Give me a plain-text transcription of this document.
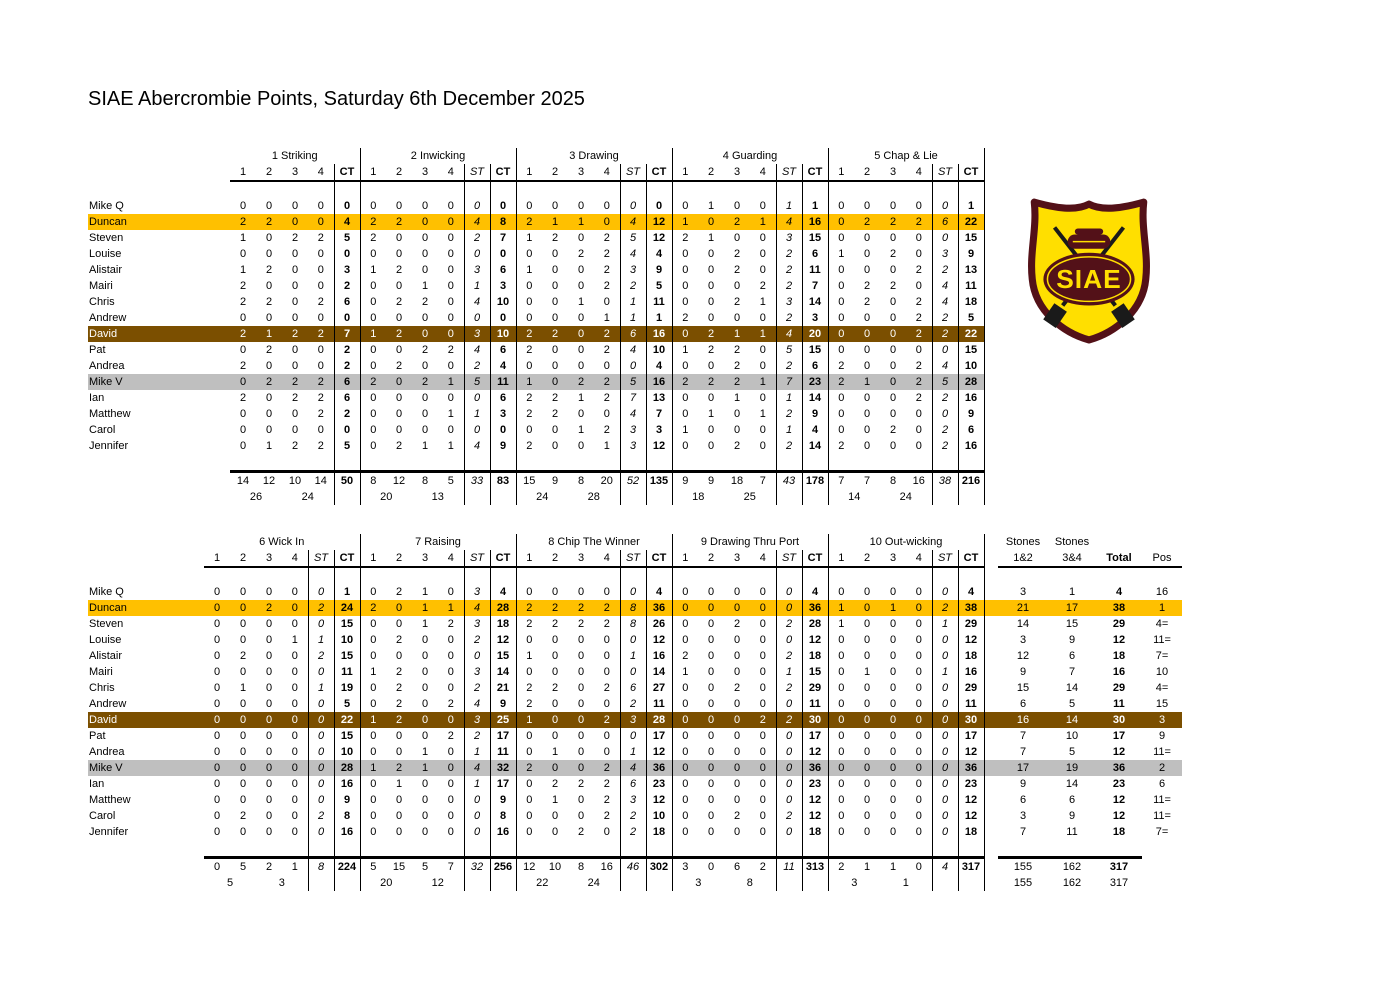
SIAE Abercrombie Points, Saturday 6th December 2025
	1 Striking					2 Inwicking						3 Drawing						4 Guarding						5 Chap & Lie					
	1	2	3	4	CT	1	2	3	4	ST	CT	1	2	3	4	ST	CT	1	2	3	4	ST	CT	1	2	3	4	ST	CT

Mike Q	0	0	0	0	0	0	0	0	0	0	0	0	0	0	0	0	0	0	1	0	0	1	1	0	0	0	0	0	1
Duncan	2	2	0	0	4	2	2	0	0	4	8	2	1	1	0	4	12	1	0	2	1	4	16	0	2	2	2	6	22
Steven	1	0	2	2	5	2	0	0	0	2	7	1	2	0	2	5	12	2	1	0	0	3	15	0	0	0	0	0	15
Louise	0	0	0	0	0	0	0	0	0	0	0	0	0	2	2	4	4	0	0	2	0	2	6	1	0	2	0	3	9
Alistair	1	2	0	0	3	1	2	0	0	3	6	1	0	0	2	3	9	0	0	2	0	2	11	0	0	0	2	2	13
Mairi	2	0	0	0	2	0	0	1	0	1	3	0	0	0	2	2	5	0	0	0	2	2	7	0	2	2	0	4	11
Chris	2	2	0	2	6	0	2	2	0	4	10	0	0	1	0	1	11	0	0	2	1	3	14	0	2	0	2	4	18
Andrew	0	0	0	0	0	0	0	0	0	0	0	0	0	0	1	1	1	2	0	0	0	2	3	0	0	0	2	2	5
David	2	1	2	2	7	1	2	0	0	3	10	2	2	0	2	6	16	0	2	1	1	4	20	0	0	0	2	2	22
Pat	0	2	0	0	2	0	0	2	2	4	6	2	0	0	2	4	10	1	2	2	0	5	15	0	0	0	0	0	15
Andrea	2	0	0	0	2	0	2	0	0	2	4	0	0	0	0	0	4	0	0	2	0	2	6	2	0	0	2	4	10
Mike V	0	2	2	2	6	2	0	2	1	5	11	1	0	2	2	5	16	2	2	2	1	7	23	2	1	0	2	5	28
Ian	2	0	2	2	6	0	0	0	0	0	6	2	2	1	2	7	13	0	0	1	0	1	14	0	0	0	2	2	16
Matthew	0	0	0	2	2	0	0	0	1	1	3	2	2	0	0	4	7	0	1	0	1	2	9	0	0	0	0	0	9
Carol	0	0	0	0	0	0	0	0	0	0	0	0	0	1	2	3	3	1	0	0	0	1	4	0	0	2	0	2	6
Jennifer	0	1	2	2	5	0	2	1	1	4	9	2	0	0	1	3	12	0	0	2	0	2	14	2	0	0	0	2	16

	14	12	10	14	50	8	12	8	5	33	83	15	9	8	20	52	135	9	9	18	7	43	178	7	7	8	16	38	216
	26		24			20		13				24		28				18		25				14		24			
	6 Wick In						7 Raising						8 Chip The Winner						9 Drawing Thru Port						10 Out-wicking							Stones	Stones		
	1	2	3	4	ST	CT	1	2	3	4	ST	CT	1	2	3	4	ST	CT	1	2	3	4	ST	CT	1	2	3	4	ST	CT		1&2	3&4	Total	Pos

Mike Q	0	0	0	0	0	1	0	2	1	0	3	4	0	0	0	0	0	4	0	0	0	0	0	4	0	0	0	0	0	4		3	1	4	16
Duncan	0	0	2	0	2	24	2	0	1	1	4	28	2	2	2	2	8	36	0	0	0	0	0	36	1	0	1	0	2	38		21	17	38	1
Steven	0	0	0	0	0	15	0	0	1	2	3	18	2	2	2	2	8	26	0	0	2	0	2	28	1	0	0	0	1	29		14	15	29	4=
Louise	0	0	0	1	1	10	0	2	0	0	2	12	0	0	0	0	0	12	0	0	0	0	0	12	0	0	0	0	0	12		3	9	12	11=
Alistair	0	2	0	0	2	15	0	0	0	0	0	15	1	0	0	0	1	16	2	0	0	0	2	18	0	0	0	0	0	18		12	6	18	7=
Mairi	0	0	0	0	0	11	1	2	0	0	3	14	0	0	0	0	0	14	1	0	0	0	1	15	0	1	0	0	1	16		9	7	16	10
Chris	0	1	0	0	1	19	0	2	0	0	2	21	2	2	0	2	6	27	0	0	2	0	2	29	0	0	0	0	0	29		15	14	29	4=
Andrew	0	0	0	0	0	5	0	2	0	2	4	9	2	0	0	0	2	11	0	0	0	0	0	11	0	0	0	0	0	11		6	5	11	15
David	0	0	0	0	0	22	1	2	0	0	3	25	1	0	0	2	3	28	0	0	0	2	2	30	0	0	0	0	0	30		16	14	30	3
Pat	0	0	0	0	0	15	0	0	0	2	2	17	0	0	0	0	0	17	0	0	0	0	0	17	0	0	0	0	0	17		7	10	17	9
Andrea	0	0	0	0	0	10	0	0	1	0	1	11	0	1	0	0	1	12	0	0	0	0	0	12	0	0	0	0	0	12		7	5	12	11=
Mike V	0	0	0	0	0	28	1	2	1	0	4	32	2	0	0	2	4	36	0	0	0	0	0	36	0	0	0	0	0	36		17	19	36	2
Ian	0	0	0	0	0	16	0	1	0	0	1	17	0	2	2	2	6	23	0	0	0	0	0	23	0	0	0	0	0	23		9	14	23	6
Matthew	0	0	0	0	0	9	0	0	0	0	0	9	0	1	0	2	3	12	0	0	0	0	0	12	0	0	0	0	0	12		6	6	12	11=
Carol	0	2	0	0	2	8	0	0	0	0	0	8	0	0	0	2	2	10	0	0	2	0	2	12	0	0	0	0	0	12		3	9	12	11=
Jennifer	0	0	0	0	0	16	0	0	0	0	0	16	0	0	2	0	2	18	0	0	0	0	0	18	0	0	0	0	0	18		7	11	18	7=

	0	5	2	1	8	224	5	15	5	7	32	256	12	10	8	16	46	302	3	0	6	2	11	313	2	1	1	0	4	317		155	162	317	
	5		3				20		12				22		24				3		8				3		1					155	162	317	
SIAE
